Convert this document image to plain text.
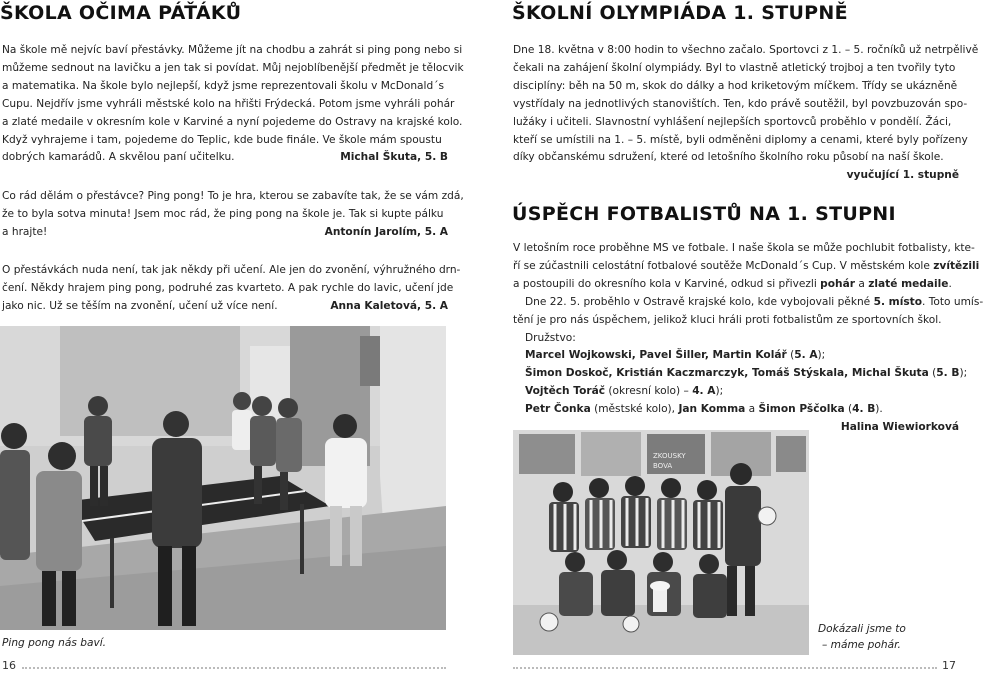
ŠKOLA OČIMA PÁŤÁKŮ
Na škole mě nejvíc baví přestávky. Můžeme jít na chodbu a zahrát si ping pong nebo si
můžeme sednout na lavičku a jen tak si povídat. Můj nejoblíbenější předmět je tělocvik
a matematika. Na škole bylo nejlepší, když jsme reprezentovali školu v McDonald´s
Cupu. Nejdřív jsme vyhráli městské kolo na hřišti Frýdecká. Potom jsme vyhráli pohár
a zlaté medaile v okresním kole v Karviné a nyní pojedeme do Ostravy na krajské kolo.
Když vyhrajeme i tam, pojedeme do Teplic, kde bude finále. Ve škole mám spoustu
dobrých kamarádů. A skvělou paní učitelku.	Michal Škuta, 5. B
Co rád dělám o přestávce? Ping pong! To je hra, kterou se zabavíte tak, že se vám zdá,
že to byla sotva minuta! Jsem moc rád, že ping pong na škole je. Tak si kupte pálku
a hrajte!	Antonín Jarolím, 5. A
O přestávkách nuda není, tak jak někdy při učení. Ale jen do zvonění, výhružného drn-
čení. Někdy hrajem ping pong, podruhé zas kvarteto. A pak rychle do lavic, učení jde
jako nic. Už se těším na zvonění, učení už více není.	Anna Kaletová, 5. A
Ping pong nás baví.
16
ŠKOLNÍ OLYMPIÁDA 1. STUPNĚ
Dne 18. května v 8:00 hodin to všechno začalo. Sportovci z 1. – 5. ročníků už netrpělivě
čekali na zahájení školní olympiády. Byl to vlastně atletický trojboj a ten tvořily tyto
disciplíny: běh na 50 m, skok do dálky a hod kriketovým míčkem. Třídy se ukázněně
vystřídaly na jednotlivých stanovištích. Ten, kdo právě soutěžil, byl povzbuzován spo-
lužáky i učiteli. Slavnostní vyhlášení nejlepších sportovců proběhlo v pondělí. Žáci,
kteří se umístili na 1. – 5. místě, byli odměněni diplomy a cenami, které byly pořízeny
díky občanskému sdružení, které od letošního školního roku působí na naší škole.
vyučující 1. stupně
ÚSPĚCH FOTBALISTŮ NA 1. STUPNI
V letošním roce proběhne MS ve fotbale. I naše škola se může pochlubit fotbalisty, kte-
ří se zúčastnili celostátní fotbalové soutěže McDonald´s Cup. V městském kole zvítězili
a postoupili do okresního kola v Karviné, odkud si přivezli pohár a zlaté medaile.
Dne 22. 5. proběhlo v Ostravě krajské kolo, kde vybojovali pěkné 5. místo. Toto umís-
tění je pro nás úspěchem, jelikož kluci hráli proti fotbalistům ze sportovních škol.
Družstvo:
Marcel Wojkowski, Pavel Šiller, Martin Kolář (5. A);
Šimon Doskoč, Kristián Kaczmarczyk, Tomáš Stýskala, Michal Škuta (5. B);
Vojtěch Toráč (okresní kolo) – 4. A);
Petr Čonka (městské kolo), Jan Komma a Šimon Pščolka (4. B).
Halina Wiewiorková
ZKOUSKY
BOVA
Dokázali jsme to
– máme pohár.
17
